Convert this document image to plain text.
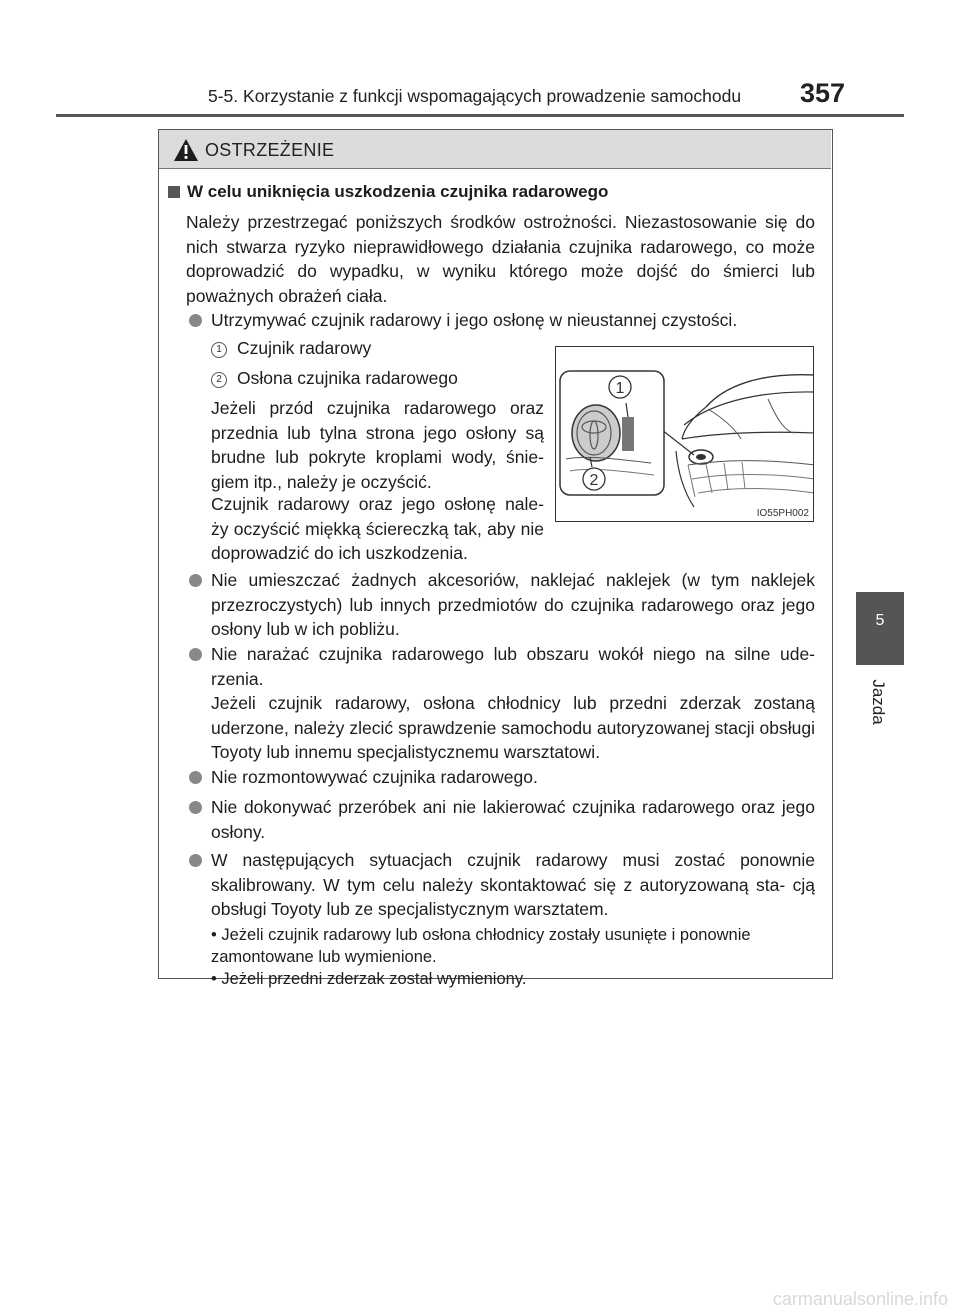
5-5. Korzystanie z funkcji wspomagających prowadzenie samochodu 357
5
Jazda
OSTRZEŻENIE
W celu uniknięcia uszkodzenia czujnika radarowego
Należy przestrzegać poniższych środków ostrożności. Niezastosowanie się do nich stwarza ryzyko nieprawidłowego działania czujnika radarowego, co może doprowadzić do wypadku, w wyniku którego może dojść do śmierci lub poważnych obrażeń ciała.
Utrzymywać czujnik radarowy i jego osłonę w nieustannej czystości.
1 Czujnik radarowy
2 Osłona czujnika radarowego
Jeżeli przód czujnika radarowego oraz przednia lub tylna strona jego osłony są brudne lub pokryte kroplami wody, śnie- giem itp., należy je oczyścić.
Czujnik radarowy oraz jego osłonę nale- ży oczyścić miękką ściereczką tak, aby nie doprowadzić do ich uszkodzenia.
1
2
IO55PH002
Nie umieszczać żadnych akcesoriów, naklejać naklejek (w tym naklejek przezroczystych) lub innych przedmiotów do czujnika radarowego oraz jego osłony lub w ich pobliżu.
Nie narażać czujnika radarowego lub obszaru wokół niego na silne ude- rzenia.
Jeżeli czujnik radarowy, osłona chłodnicy lub przedni zderzak zostaną uderzone, należy zlecić sprawdzenie samochodu autoryzowanej stacji obsługi Toyoty lub innemu specjalistycznemu warsztatowi.
Nie rozmontowywać czujnika radarowego.
Nie dokonywać przeróbek ani nie lakierować czujnika radarowego oraz jego osłony.
W następujących sytuacjach czujnik radarowy musi zostać ponownie skalibrowany. W tym celu należy skontaktować się z autoryzowaną sta- cją obsługi Toyoty lub ze specjalistycznym warsztatem.
• Jeżeli czujnik radarowy lub osłona chłodnicy zostały usunięte i ponownie zamontowane lub wymienione.
• Jeżeli przedni zderzak został wymieniony.
carmanualsonline.info
